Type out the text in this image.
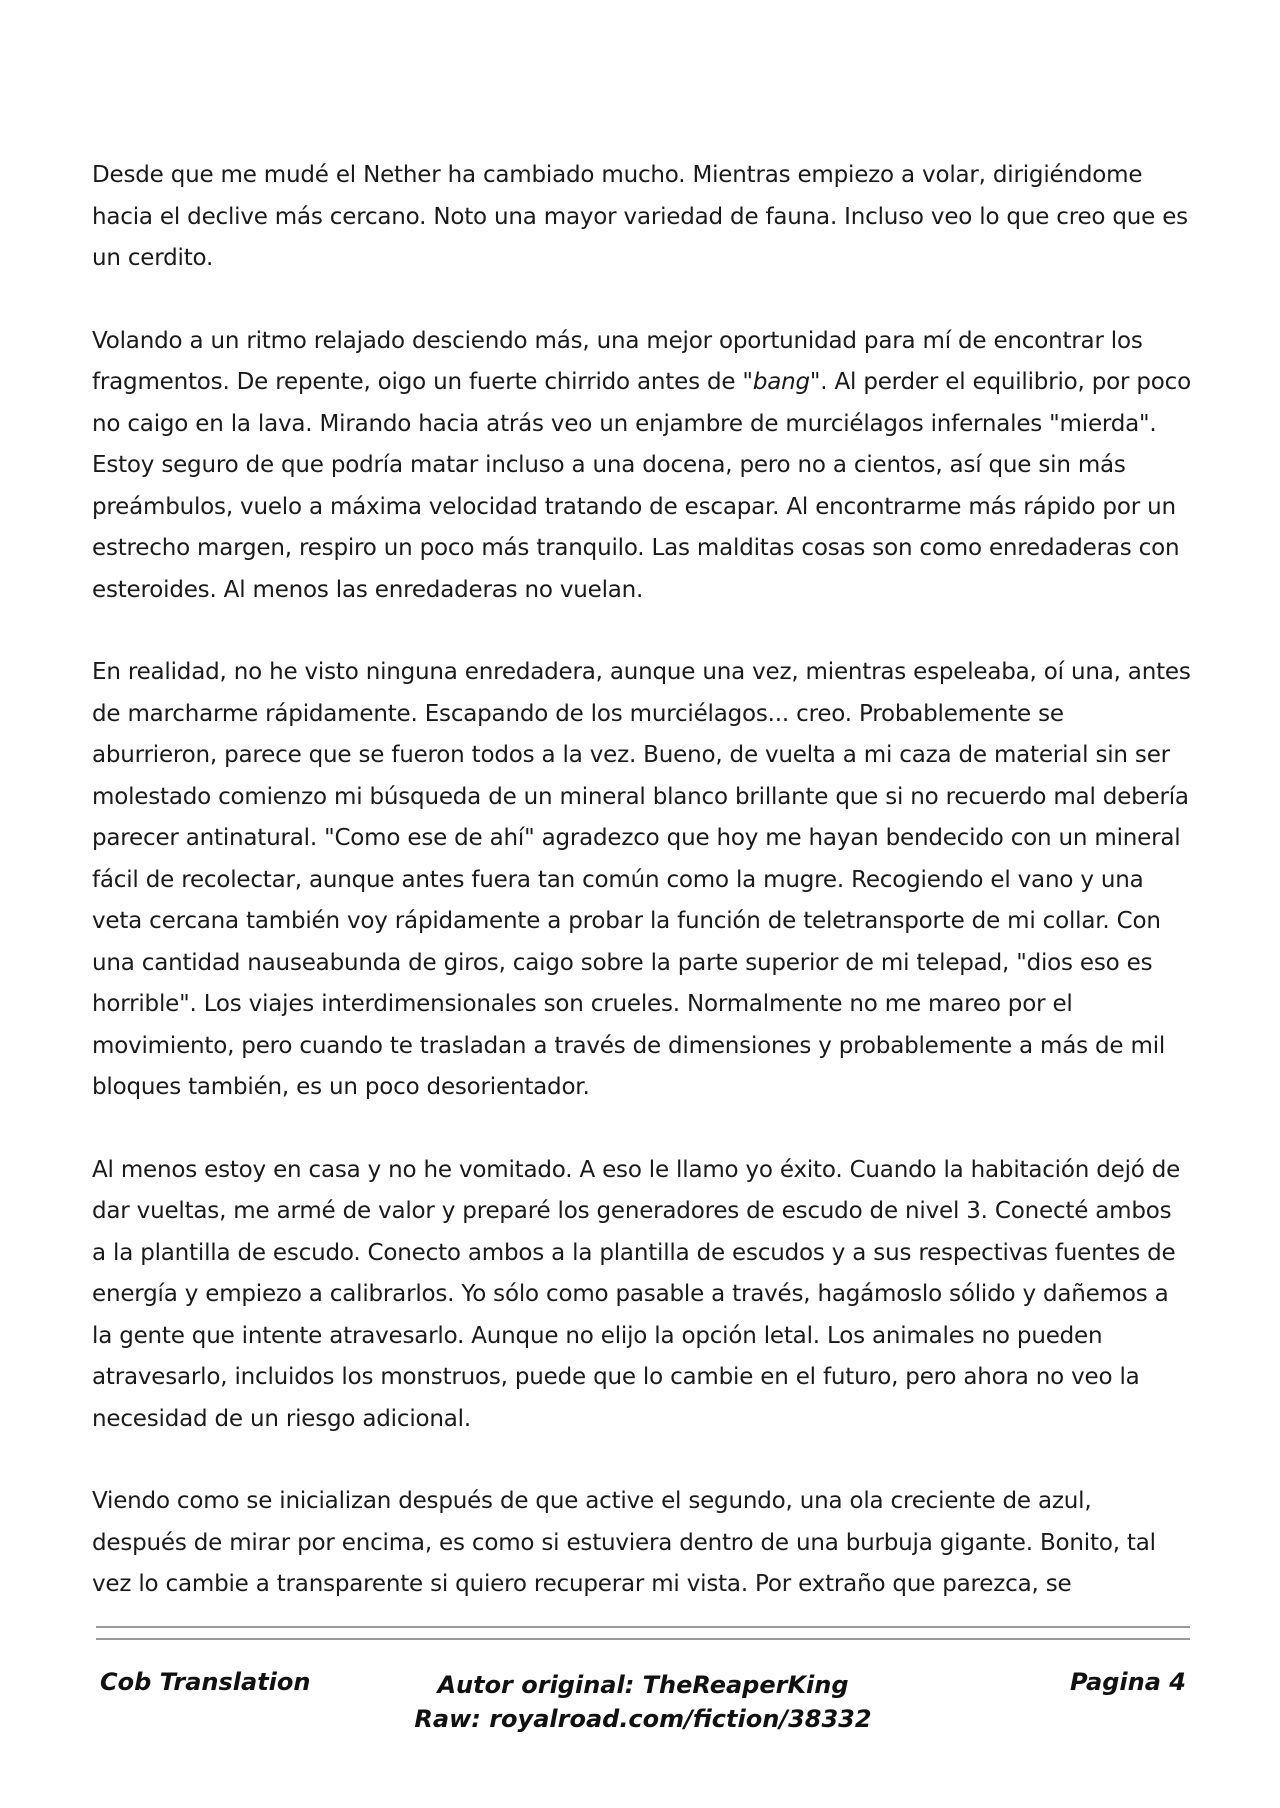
Desde que me mudé el Nether ha cambiado mucho. Mientras empiezo a volar, dirigiéndome hacia el declive más cercano. Noto una mayor variedad de fauna. Incluso veo lo que creo que es un cerdito.

Volando a un ritmo relajado desciendo más, una mejor oportunidad para mí de encontrar los fragmentos. De repente, oigo un fuerte chirrido antes de "bang". Al perder el equilibrio, por poco no caigo en la lava. Mirando hacia atrás veo un enjambre de murciélagos infernales "mierda". Estoy seguro de que podría matar incluso a una docena, pero no a cientos, así que sin más preámbulos, vuelo a máxima velocidad tratando de escapar. Al encontrarme más rápido por un estrecho margen, respiro un poco más tranquilo. Las malditas cosas son como enredaderas con esteroides. Al menos las enredaderas no vuelan.

En realidad, no he visto ninguna enredadera, aunque una vez, mientras espeleaba, oí una, antes de marcharme rápidamente. Escapando de los murciélagos... creo. Probablemente se aburrieron, parece que se fueron todos a la vez. Bueno, de vuelta a mi caza de material sin ser molestado comienzo mi búsqueda de un mineral blanco brillante que si no recuerdo mal debería parecer antinatural. "Como ese de ahí" agradezco que hoy me hayan bendecido con un mineral fácil de recolectar, aunque antes fuera tan común como la mugre. Recogiendo el vano y una veta cercana también voy rápidamente a probar la función de teletransporte de mi collar. Con una cantidad nauseabunda de giros, caigo sobre la parte superior de mi telepad, "dios eso es horrible". Los viajes interdimensionales son crueles. Normalmente no me mareo por el movimiento, pero cuando te trasladan a través de dimensiones y probablemente a más de mil bloques también, es un poco desorientador.

Al menos estoy en casa y no he vomitado. A eso le llamo yo éxito. Cuando la habitación dejó de dar vueltas, me armé de valor y preparé los generadores de escudo de nivel 3. Conecté ambos a la plantilla de escudo. Conecto ambos a la plantilla de escudos y a sus respectivas fuentes de energía y empiezo a calibrarlos. Yo sólo como pasable a través, hagámoslo sólido y dañemos a la gente que intente atravesarlo. Aunque no elijo la opción letal. Los animales no pueden atravesarlo, incluidos los monstruos, puede que lo cambie en el futuro, pero ahora no veo la necesidad de un riesgo adicional.

Viendo como se inicializan después de que active el segundo, una ola creciente de azul, después de mirar por encima, es como si estuviera dentro de una burbuja gigante. Bonito, tal vez lo cambie a transparente si quiero recuperar mi vista. Por extraño que parezca, se

Cob Translation	Autor original: TheReaperKing
Raw: royalroad.com/fiction/38332
Pagina 4
